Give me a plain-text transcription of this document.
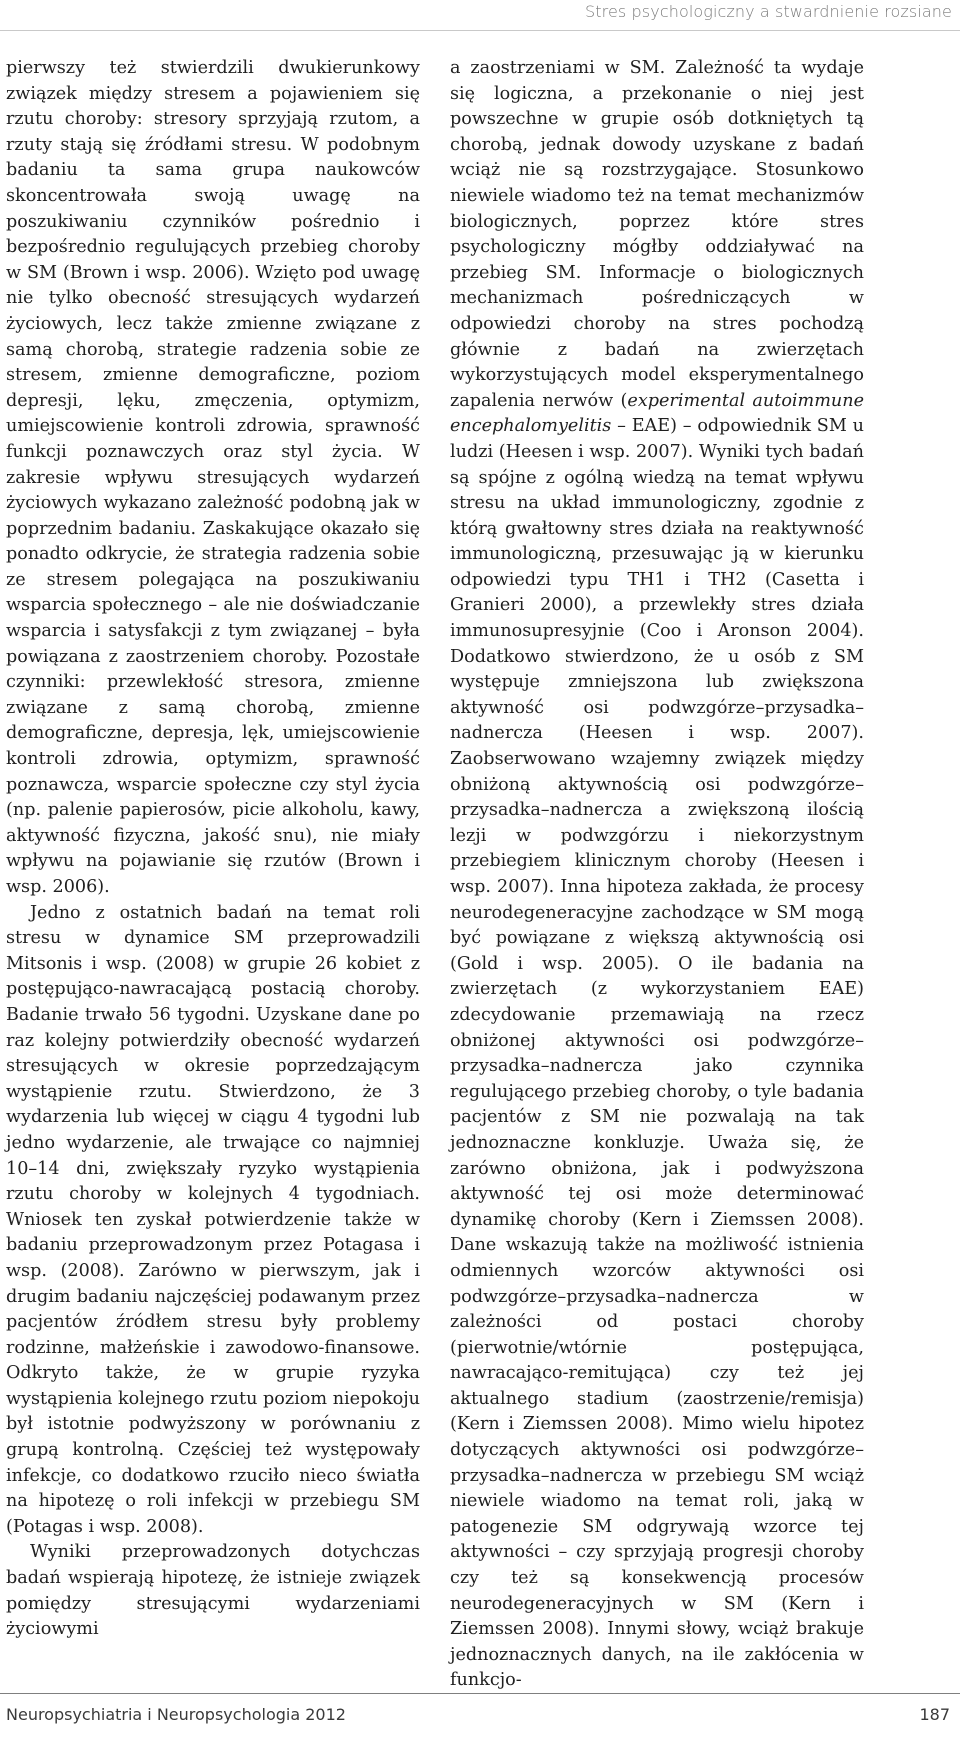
Stres psychologiczny a stwardnienie rozsiane

pierwszy też stwierdzili dwukierunkowy związek między stresem a pojawieniem się rzutu choroby: stresory sprzyjają rzutom, a rzuty stają się źródłami stresu. W podobnym badaniu ta sama grupa naukowców skoncentrowała swoją uwagę na poszukiwaniu czynników pośrednio i bezpośrednio regulujących przebieg choroby w SM (Brown i wsp. 2006). Wzięto pod uwagę nie tylko obecność stresujących wydarzeń życiowych, lecz także zmienne związane z samą chorobą, strategie radzenia sobie ze stresem, zmienne demograficzne, poziom depresji, lęku, zmęczenia, optymizm, umiejscowienie kontroli zdrowia, sprawność funkcji poznawczych oraz styl życia. W zakresie wpływu stresujących wydarzeń życiowych wykazano zależność podobną jak w poprzednim badaniu. Zaskakujące okazało się ponadto odkrycie, że strategia radzenia sobie ze stresem polegająca na poszukiwaniu wsparcia społecznego – ale nie doświadczanie wsparcia i satysfakcji z tym związanej – była powiązana z zaostrzeniem choroby. Pozostałe czynniki: przewlekłość stresora, zmienne związane z samą chorobą, zmienne demograficzne, depresja, lęk, umiejscowienie kontroli zdrowia, optymizm, sprawność poznawcza, wsparcie społeczne czy styl życia (np. palenie papierosów, picie alkoholu, kawy, aktywność fizyczna, jakość snu), nie miały wpływu na pojawianie się rzutów (Brown i wsp. 2006).

Jedno z ostatnich badań na temat roli stresu w dynamice SM przeprowadzili Mitsonis i wsp. (2008) w grupie 26 kobiet z postępująco-nawracającą postacią choroby. Badanie trwało 56 tygodni. Uzyskane dane po raz kolejny potwierdziły obecność wydarzeń stresujących w okresie poprzedzającym wystąpienie rzutu. Stwierdzono, że 3 wydarzenia lub więcej w ciągu 4 tygodni lub jedno wydarzenie, ale trwające co najmniej 10–14 dni, zwiększały ryzyko wystąpienia rzutu choroby w kolejnych 4 tygodniach. Wniosek ten zyskał potwierdzenie także w badaniu przeprowadzonym przez Potagasa i wsp. (2008). Zarówno w pierwszym, jak i drugim badaniu najczęściej podawanym przez pacjentów źródłem stresu były problemy rodzinne, małżeńskie i zawodowo-finansowe. Odkryto także, że w grupie ryzyka wystąpienia kolejnego rzutu poziom niepokoju był istotnie podwyższony w porównaniu z grupą kontrolną. Częściej też występowały infekcje, co dodatkowo rzuciło nieco światła na hipotezę o roli infekcji w przebiegu SM (Potagas i wsp. 2008).

Wyniki przeprowadzonych dotychczas badań wspierają hipotezę, że istnieje związek pomiędzy stresującymi wydarzeniami życiowymi

a zaostrzeniami w SM. Zależność ta wydaje się logiczna, a przekonanie o niej jest powszechne w grupie osób dotkniętych tą chorobą, jednak dowody uzyskane z badań wciąż nie są rozstrzygające. Stosunkowo niewiele wiadomo też na temat mechanizmów biologicznych, poprzez które stres psychologiczny mógłby oddziaływać na przebieg SM. Informacje o biologicznych mechanizmach pośredniczących w odpowiedzi choroby na stres pochodzą głównie z badań na zwierzętach wykorzystujących model eksperymentalnego zapalenia nerwów (experimental autoimmune encephalomyelitis – EAE) – odpowiednik SM u ludzi (Heesen i wsp. 2007). Wyniki tych badań są spójne z ogólną wiedzą na temat wpływu stresu na układ immunologiczny, zgodnie z którą gwałtowny stres działa na reaktywność immunologiczną, przesuwając ją w kierunku odpowiedzi typu TH1 i TH2 (Casetta i Granieri 2000), a przewlekły stres działa immunosupresyjnie (Coo i Aronson 2004). Dodatkowo stwierdzono, że u osób z SM występuje zmniejszona lub zwiększona aktywność osi podwzgórze–przysadka–nadnercza (Heesen i wsp. 2007). Zaobserwowano wzajemny związek między obniżoną aktywnością osi podwzgórze–przysadka–nadnercza a zwiększoną ilością lezji w podwzgórzu i niekorzystnym przebiegiem klinicznym choroby (Heesen i wsp. 2007). Inna hipoteza zakłada, że procesy neurodegeneracyjne zachodzące w SM mogą być powiązane z większą aktywnością osi (Gold i wsp. 2005). O ile badania na zwierzętach (z wykorzystaniem EAE) zdecydowanie przemawiają na rzecz obniżonej aktywności osi podwzgórze–przysadka–nadnercza jako czynnika regulującego przebieg choroby, o tyle badania pacjentów z SM nie pozwalają na tak jednoznaczne konkluzje. Uważa się, że zarówno obniżona, jak i podwyższona aktywność tej osi może determinować dynamikę choroby (Kern i Ziemssen 2008). Dane wskazują także na możliwość istnienia odmiennych wzorców aktywności osi podwzgórze–przysadka–nadnercza w zależności od postaci choroby (pierwotnie/wtórnie postępująca, nawracająco-remitująca) czy też jej aktualnego stadium (zaostrzenie/remisja) (Kern i Ziemssen 2008). Mimo wielu hipotez dotyczących aktywności osi podwzgórze–przysadka–nadnercza w przebiegu SM wciąż niewiele wiadomo na temat roli, jaką w patogenezie SM odgrywają wzorce tej aktywności – czy sprzyjają progresji choroby czy też są konsekwencją procesów neurodegeneracyjnych w SM (Kern i Ziemssen 2008). Innymi słowy, wciąż brakuje jednoznacznych danych, na ile zakłócenia w funkcjo-

Neuropsychiatria i Neuropsychologia 2012	187
